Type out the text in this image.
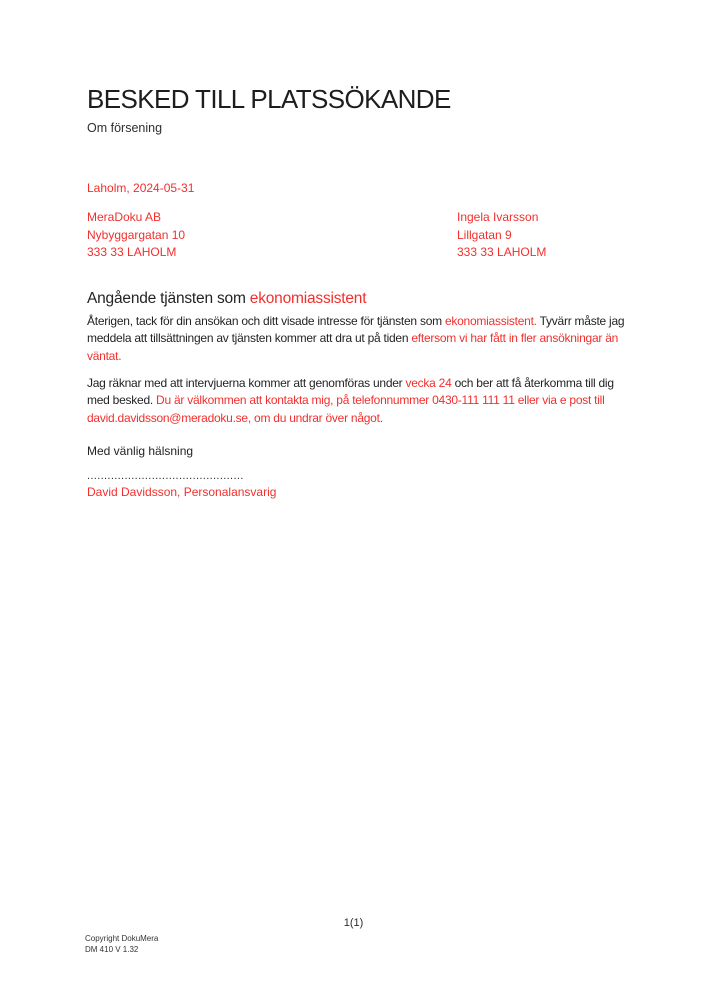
BESKED TILL PLATSSÖKANDE
Om försening
Laholm, 2024-05-31
MeraDoku AB
Nybyggargatan 10
333 33 LAHOLM
Ingela Ivarsson
Lillgatan 9
333 33 LAHOLM
Angående tjänsten som ekonomiassistent

Återigen, tack för din ansökan och ditt visade intresse för tjänsten som ekonomiassistent. Tyvärr måste jag meddela att tillsättningen av tjänsten kommer att dra ut på tiden eftersom vi har fått in fler ansökningar än väntat.

Jag räknar med att intervjuerna kommer att genomföras under vecka 24 och ber att få återkomma till dig med besked. Du är välkommen att kontakta mig, på telefonnummer 0430-111 111 11 eller via e post till david.davidsson@meradoku.se, om du undrar över något.

Med vänlig hälsning
..............................................
David Davidsson, Personalansvarig
1(1)
Copyright DokuMera
DM 410 V 1.32
